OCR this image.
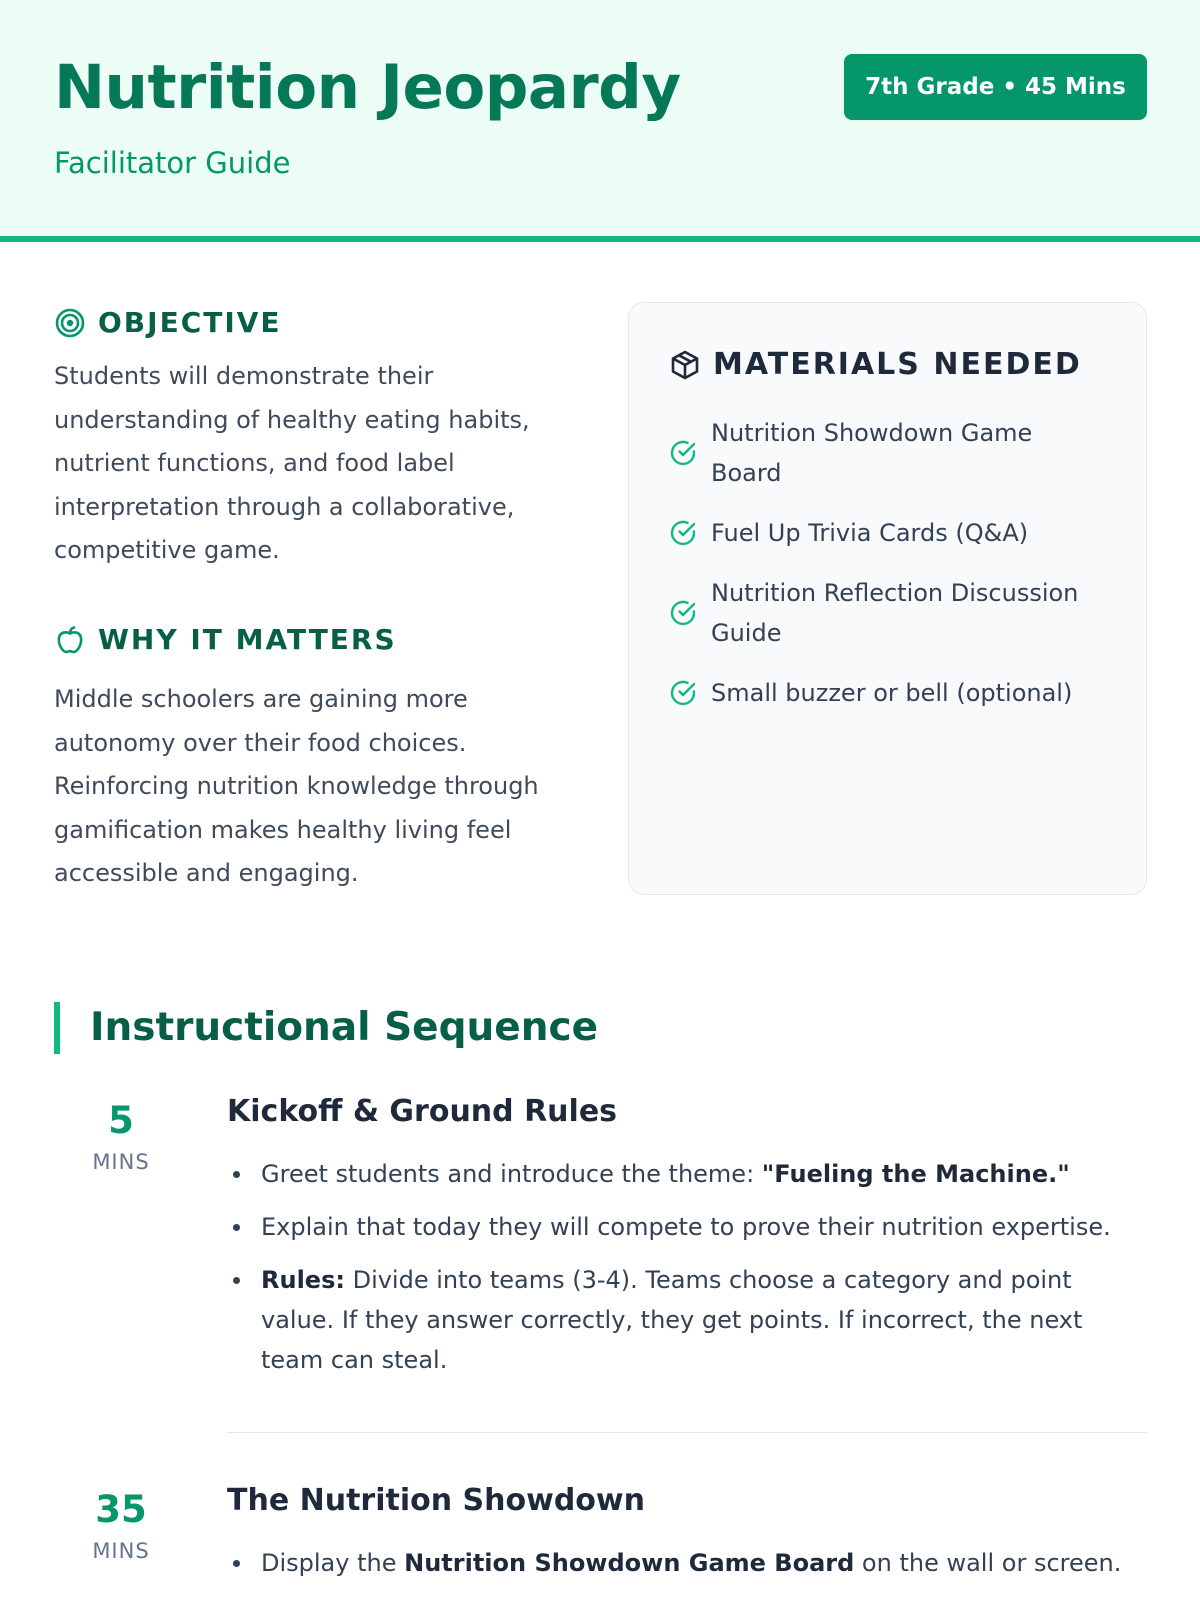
Nutrition Jeopardy
Facilitator Guide
7th Grade • 45 Mins
OBJECTIVE

Students will demonstrate their understanding of healthy eating habits, nutrient functions, and food label interpretation through a collaborative, competitive game.

WHY IT MATTERS

Middle schoolers are gaining more autonomy over their food choices. Reinforcing nutrition knowledge through gamification makes healthy living feel accessible and engaging.

MATERIALS NEEDED
Nutrition Showdown Game Board
Fuel Up Trivia Cards (Q&A)
Nutrition Reflection Discussion Guide
Small buzzer or bell (optional)
Instructional Sequence
5
MINS
Kickoff & Ground Rules
Greet students and introduce the theme: "Fueling the Machine."
Explain that today they will compete to prove their nutrition expertise.
Rules: Divide into teams (3-4). Teams choose a category and point value. If they answer correctly, they get points. If incorrect, the next team can steal.
35
MINS
The Nutrition Showdown
Display the Nutrition Showdown Game Board on the wall or screen.
